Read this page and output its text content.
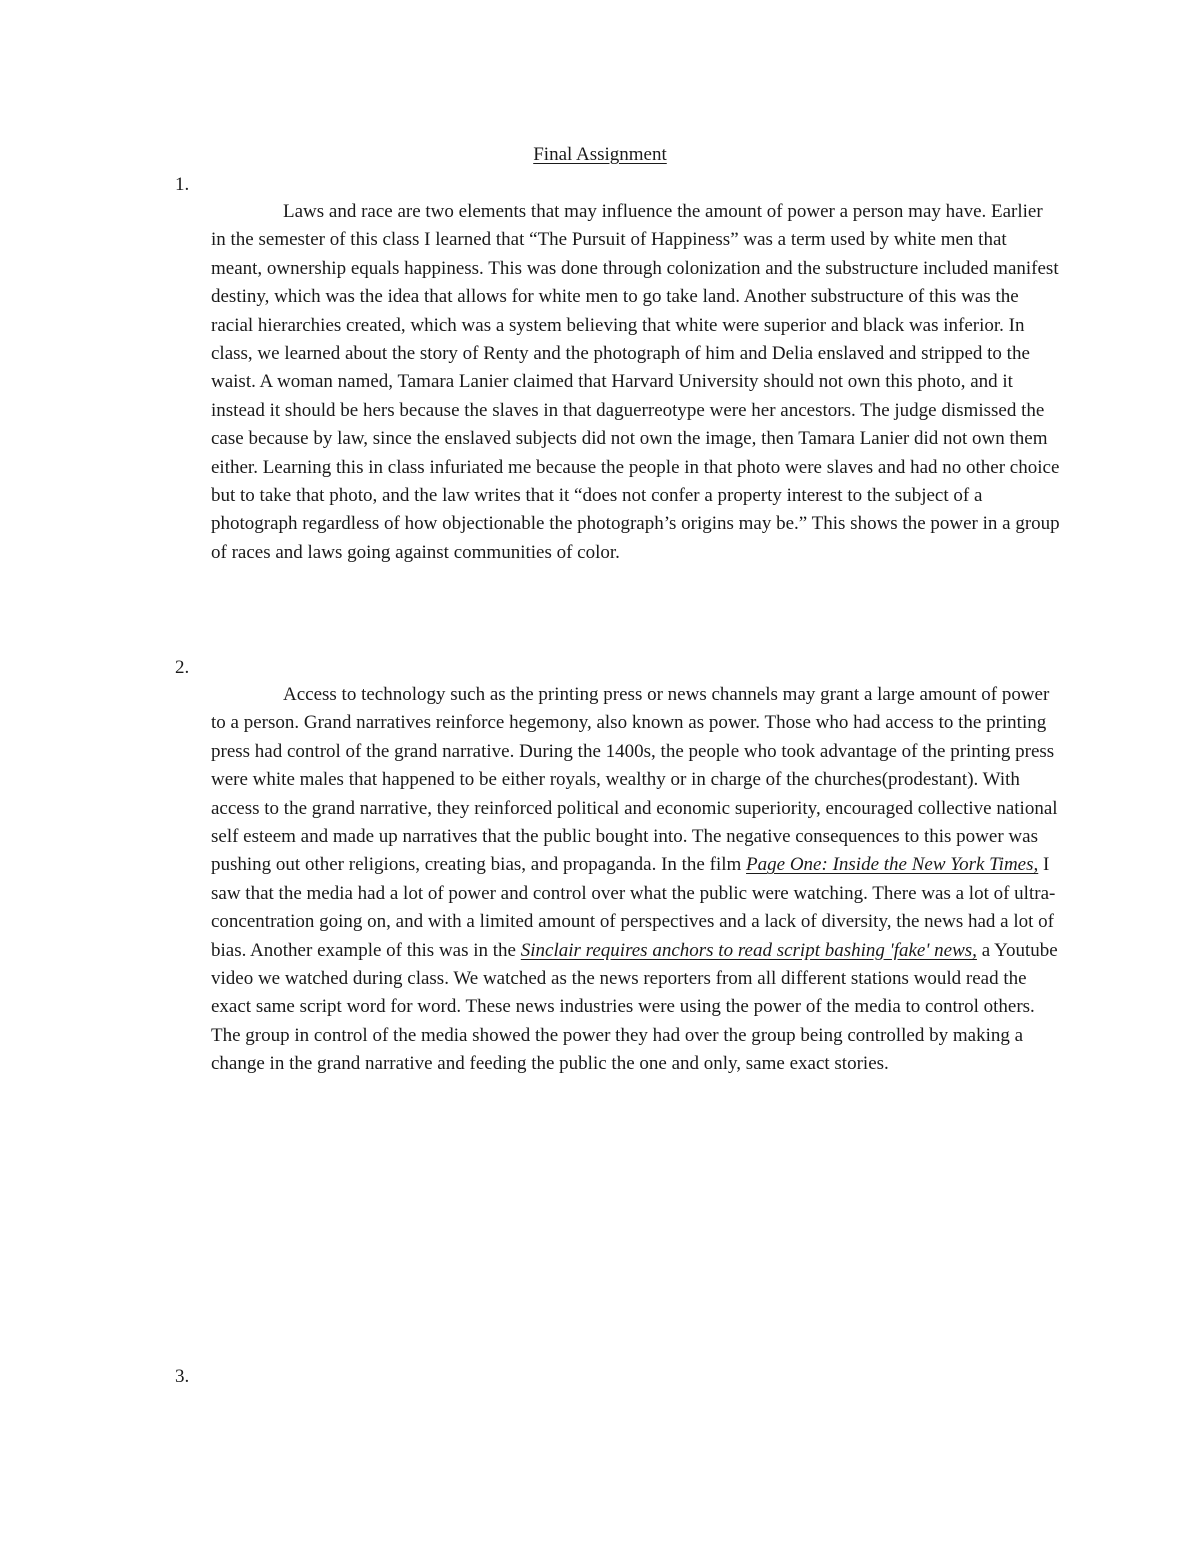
Final Assignment
1.

Laws and race are two elements that may influence the amount of power a person may have. Earlier in the semester of this class I learned that “The Pursuit of Happiness” was a term used by white men that meant, ownership equals happiness. This was done through colonization and the substructure included manifest destiny, which was the idea that allows for white men to go take land. Another substructure of this was the racial hierarchies created, which was a system believing that white were superior and black was inferior. In class, we learned about the story of Renty and the photograph of him and Delia enslaved and stripped to the waist. A woman named, Tamara Lanier claimed that Harvard University should not own this photo, and it instead it should be hers because the slaves in that daguerreotype were her ancestors. The judge dismissed the case because by law, since the enslaved subjects did not own the image, then Tamara Lanier did not own them either. Learning this in class infuriated me because the people in that photo were slaves and had no other choice but to take that photo, and the law writes that it “does not confer a property interest to the subject of a photograph regardless of how objectionable the photograph’s origins may be.” This shows the power in a group of races and laws going against communities of color.

2.

Access to technology such as the printing press or news channels may grant a large amount of power to a person. Grand narratives reinforce hegemony, also known as power. Those who had access to the printing press had control of the grand narrative. During the 1400s, the people who took advantage of the printing press were white males that happened to be either royals, wealthy or in charge of the churches(prodestant). With access to the grand narrative, they reinforced political and economic superiority, encouraged collective national self esteem and made up narratives that the public bought into. The negative consequences to this power was pushing out other religions, creating bias, and propaganda. In the film Page One: Inside the New York Times, I saw that the media had a lot of power and control over what the public were watching. There was a lot of ultra-concentration going on, and with a limited amount of perspectives and a lack of diversity, the news had a lot of bias. Another example of this was in the Sinclair requires anchors to read script bashing 'fake' news, a Youtube video we watched during class. We watched as the news reporters from all different stations would read the exact same script word for word. These news industries were using the power of the media to control others. The group in control of the media showed the power they had over the group being controlled by making a change in the grand narrative and feeding the public the one and only, same exact stories.

3.
